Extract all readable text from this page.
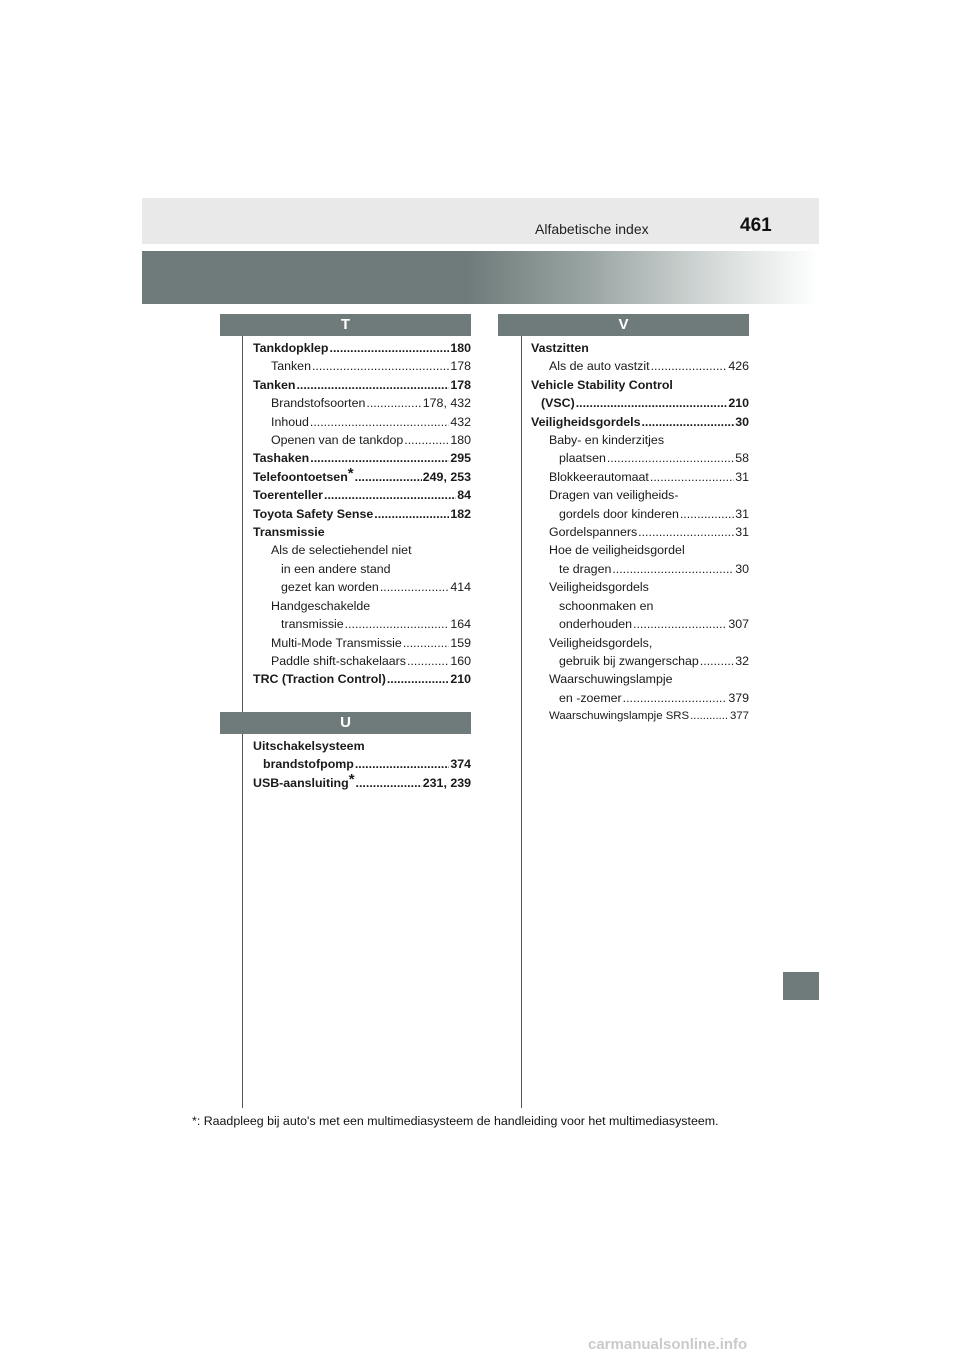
Alfabetische index	461
T
Tankdopklep .....	180
Tanken .....	178
Tanken .....	178
Brandstofsoorten .....	178, 432
Inhoud .....	432
Openen van de tankdop .....	180
Tashaken .....	295
Telefoontoetsen* .....	249, 253
Toerenteller .....	84
Toyota Safety Sense .....	182
Transmissie
Als de selectiehendel niet
in een andere stand
gezet kan worden .....	414
Handgeschakelde
transmissie .....	164
Multi-Mode Transmissie .....	159
Paddle shift-schakelaars .....	160
TRC (Traction Control) .....	210
U
Uitschakelsysteem
brandstofpomp .....	374
USB-aansluiting* .....	231, 239
V
Vastzitten
Als de auto vastzit .....	426
Vehicle Stability Control
(VSC) .....	210
Veiligheidsgordels .....	30
Baby- en kinderzitjes
plaatsen .....	58
Blokkeerautomaat .....	31
Dragen van veiligheids-
gordels door kinderen .....	31
Gordelspanners .....	31
Hoe de veiligheidsgordel
te dragen .....	30
Veiligheidsgordels
schoonmaken en
onderhouden .....	307
Veiligheidsgordels,
gebruik bij zwangerschap .....	32
Waarschuwingslampje
en -zoemer .....	379
Waarschuwingslampje SRS .....	377
*: Raadpleeg bij auto's met een multimediasysteem de handleiding voor het multimediasysteem.
carmanualsonline.info
